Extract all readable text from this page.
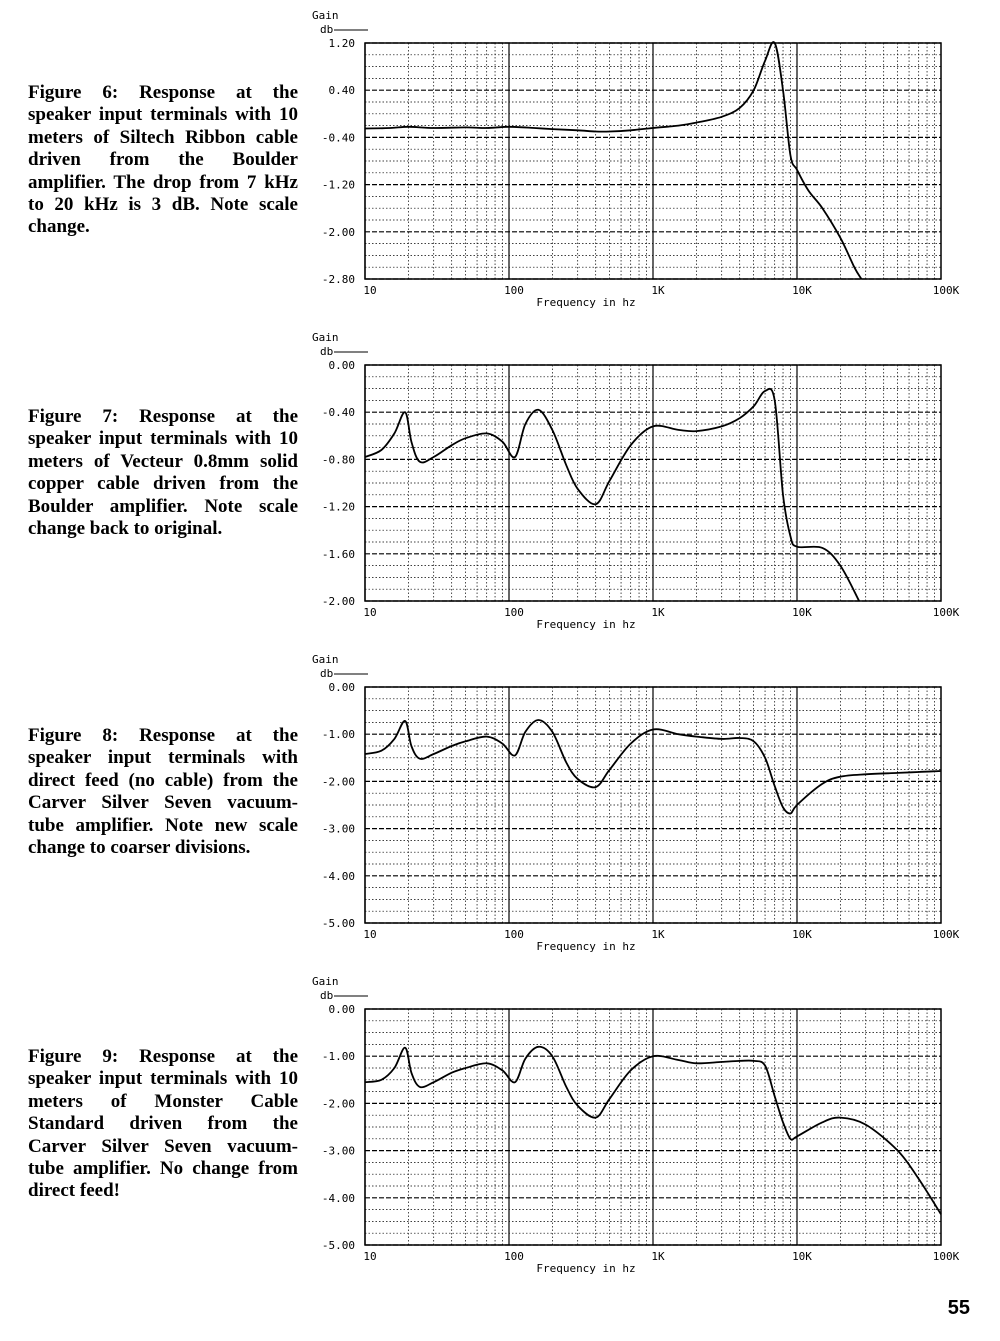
Figure 6: Response at the speaker input terminals with 10 meters of Siltech Ribbon cable driven from the Boulder amplifier. The drop from 7 kHz to 20 kHz is 3 dB. Note scale change.
1.20
0.40
-0.40
-1.20
-2.00
-2.80
10	100	1K	10K	100K
Frequency in hz
Gain
db
Figure 7: Response at the speaker input terminals with 10 meters of Vecteur 0.8mm solid copper cable driven from the Boulder amplifier. Note scale change back to original.
0.00
-0.40
-0.80
-1.20
-1.60
-2.00
10	100	1K	10K	100K
Frequency in hz
Gain
db
Figure 8: Response at the speaker input terminals with direct feed (no cable) from the Carver Silver Seven vacuum-tube amplifier. Note new scale change to coarser divisions.
0.00
-1.00
-2.00
-3.00
-4.00
-5.00
10	100	1K	10K	100K
Frequency in hz
Gain
db
Figure 9: Response at the speaker input terminals with 10 meters of Monster Cable Standard driven from the Carver Silver Seven vacuum-tube amplifier. No change from direct feed!
0.00
-1.00
-2.00
-3.00
-4.00
-5.00
10	100	1K	10K	100K
Frequency in hz
Gain
db
55
